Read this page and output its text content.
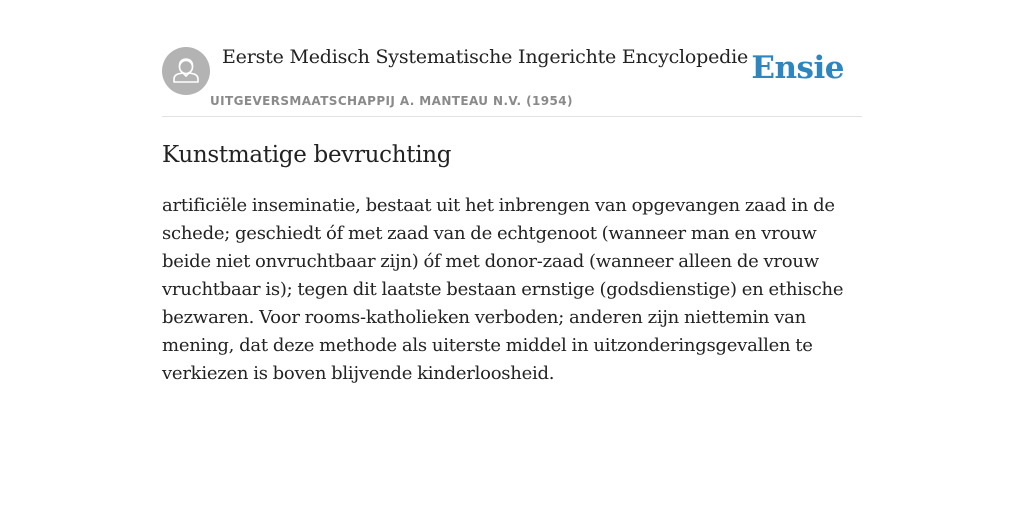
Eerste Medisch Systematische Ingerichte Encyclopedie
UITGEVERSMAATSCHAPPIJ A. MANTEAU N.V. (1954)
Ensie
Kunstmatige bevruchting

artificiële inseminatie, bestaat uit het inbrengen van opgevangen zaad in de schede; geschiedt óf met zaad van de echtgenoot (wanneer man en vrouw beide niet onvruchtbaar zijn) óf met donor-zaad (wanneer alleen de vrouw vruchtbaar is); tegen dit laatste bestaan ernstige (godsdienstige) en ethische bezwaren. Voor rooms-katholieken verboden; anderen zijn niettemin van mening, dat deze methode als uiterste middel in uitzonderingsgevallen te verkiezen is boven blijvende kinderloosheid.
